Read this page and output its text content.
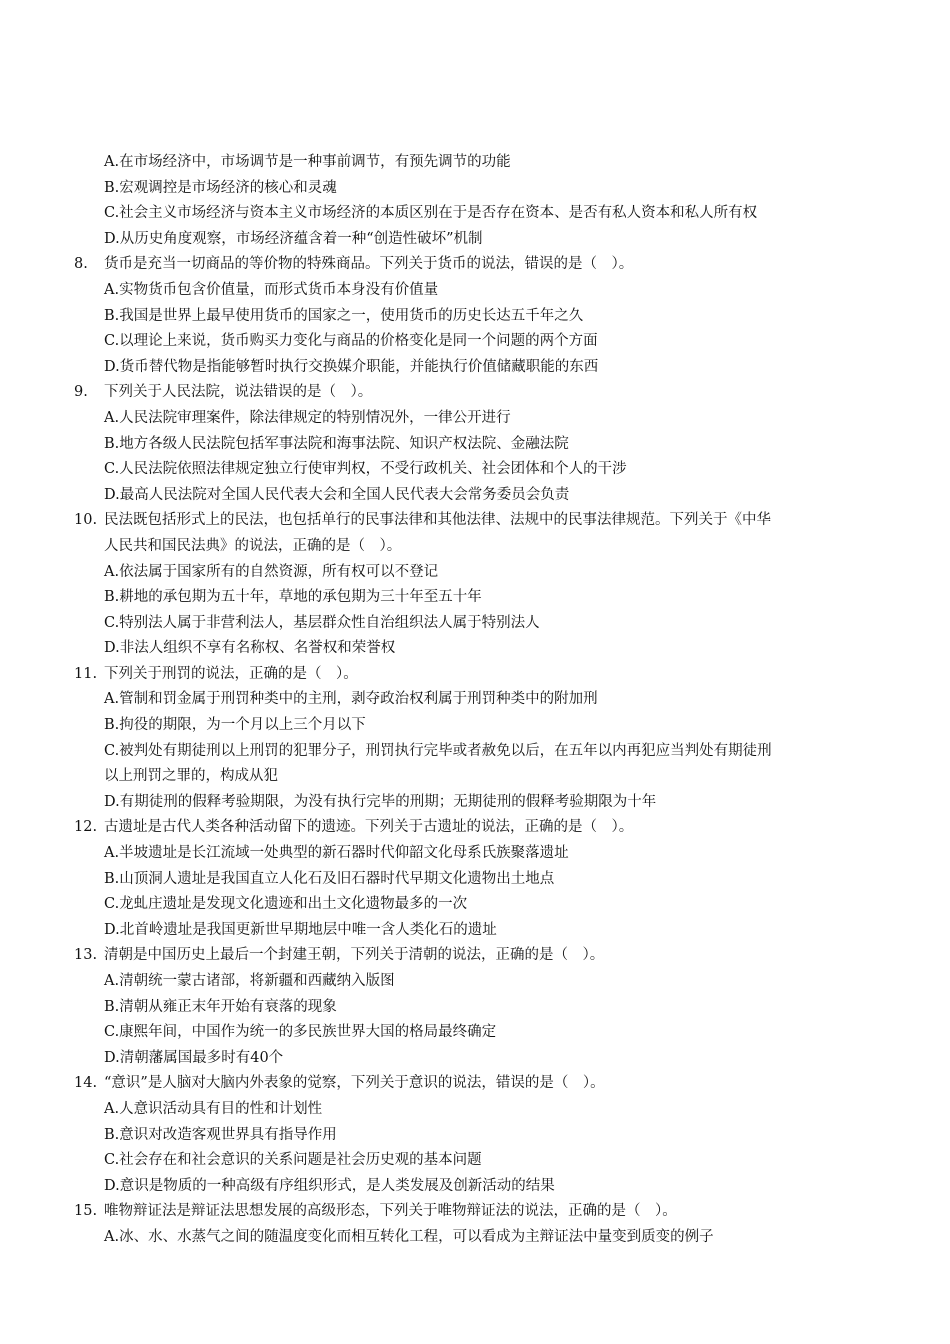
A.在市场经济中，市场调节是一种事前调节，有预先调节的功能
B.宏观调控是市场经济的核心和灵魂
C.社会主义市场经济与资本主义市场经济的本质区别在于是否存在资本、是否有私人资本和私人所有权
D.从历史角度观察，市场经济蕴含着一种“创造性破坏”机制
8.	货币是充当一切商品的等价物的特殊商品。下列关于货币的说法，错误的是（　）。
A.实物货币包含价值量，而形式货币本身没有价值量
B.我国是世界上最早使用货币的国家之一，使用货币的历史长达五千年之久
C.以理论上来说，货币购买力变化与商品的价格变化是同一个问题的两个方面
D.货币替代物是指能够暂时执行交换媒介职能，并能执行价值储藏职能的东西
9.	下列关于人民法院，说法错误的是（　）。
A.人民法院审理案件，除法律规定的特别情况外，一律公开进行
B.地方各级人民法院包括军事法院和海事法院、知识产权法院、金融法院
C.人民法院依照法律规定独立行使审判权，不受行政机关、社会团体和个人的干涉
D.最高人民法院对全国人民代表大会和全国人民代表大会常务委员会负责
10. 民法既包括形式上的民法，也包括单行的民事法律和其他法律、法规中的民事法律规范。下列关于《中华
人民共和国民法典》的说法，正确的是（　）。
A.依法属于国家所有的自然资源，所有权可以不登记
B.耕地的承包期为五十年，草地的承包期为三十年至五十年
C.特别法人属于非营利法人，基层群众性自治组织法人属于特别法人
D.非法人组织不享有名称权、名誉权和荣誉权
11. 下列关于刑罚的说法，正确的是（　）。
A.管制和罚金属于刑罚种类中的主刑，剥夺政治权利属于刑罚种类中的附加刑
B.拘役的期限，为一个月以上三个月以下
C.被判处有期徒刑以上刑罚的犯罪分子，刑罚执行完毕或者赦免以后，在五年以内再犯应当判处有期徒刑
以上刑罚之罪的，构成从犯
D.有期徒刑的假释考验期限，为没有执行完毕的刑期；无期徒刑的假释考验期限为十年
12. 古遗址是古代人类各种活动留下的遗迹。下列关于古遗址的说法，正确的是（　）。
A.半坡遗址是长江流域一处典型的新石器时代仰韶文化母系氏族聚落遗址
B.山顶洞人遗址是我国直立人化石及旧石器时代早期文化遗物出土地点
C.龙虬庄遗址是发现文化遗迹和出土文化遗物最多的一次
D.北首岭遗址是我国更新世早期地层中唯一含人类化石的遗址
13. 清朝是中国历史上最后一个封建王朝，下列关于清朝的说法，正确的是（　）。
A.清朝统一蒙古诸部，将新疆和西藏纳入版图
B.清朝从雍正末年开始有衰落的现象
C.康熙年间，中国作为统一的多民族世界大国的格局最终确定
D.清朝藩属国最多时有40个
14. “意识”是人脑对大脑内外表象的觉察，下列关于意识的说法，错误的是（　）。
A.人意识活动具有目的性和计划性
B.意识对改造客观世界具有指导作用
C.社会存在和社会意识的关系问题是社会历史观的基本问题
D.意识是物质的一种高级有序组织形式，是人类发展及创新活动的结果
15. 唯物辩证法是辩证法思想发展的高级形态，下列关于唯物辩证法的说法，正确的是（　）。
A.冰、水、水蒸气之间的随温度变化而相互转化工程，可以看成为主辩证法中量变到质变的例子
